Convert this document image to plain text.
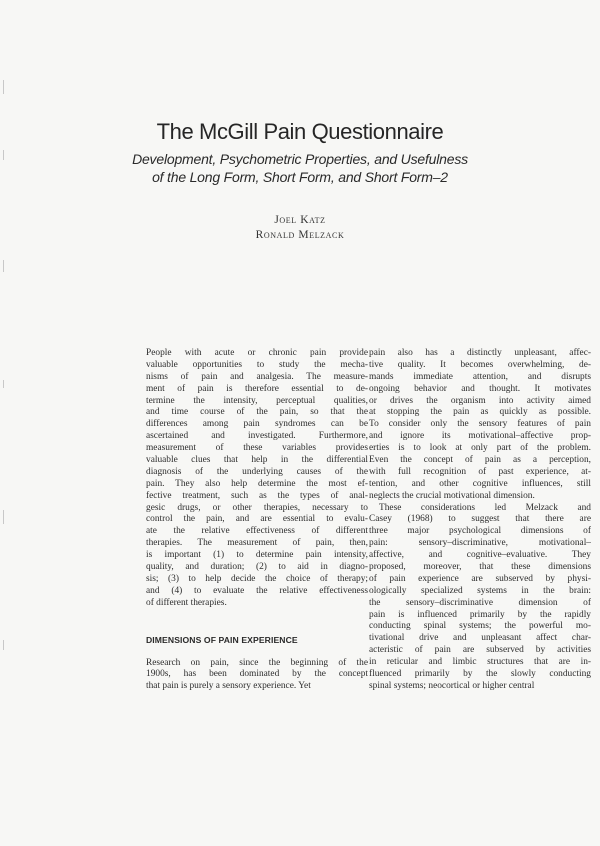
The McGill Pain Questionnaire
Development, Psychometric Properties, and Usefulness
of the Long Form, Short Form, and Short Form–2
Joel Katz
Ronald Melzack
People with acute or chronic pain provide
valuable opportunities to study the mecha-
nisms of pain and analgesia. The measure-
ment of pain is therefore essential to de-
termine the intensity, perceptual qualities,
and time course of the pain, so that the
differences among pain syndromes can be
ascertained and investigated. Furthermore,
measurement of these variables provides
valuable clues that help in the differential
diagnosis of the underlying causes of the
pain. They also help determine the most ef-
fective treatment, such as the types of anal-
gesic drugs, or other therapies, necessary to
control the pain, and are essential to evalu-
ate the relative effectiveness of different
therapies. The measurement of pain, then,
is important (1) to determine pain intensity,
quality, and duration; (2) to aid in diagno-
sis; (3) to help decide the choice of therapy;
and (4) to evaluate the relative effectiveness
of different therapies.
DIMENSIONS OF PAIN EXPERIENCE
Research on pain, since the beginning of the
1900s, has been dominated by the concept
that pain is purely a sensory experience. Yet
pain also has a distinctly unpleasant, affec-
tive quality. It becomes overwhelming, de-
mands immediate attention, and disrupts
ongoing behavior and thought. It motivates
or drives the organism into activity aimed
at stopping the pain as quickly as possible.
To consider only the sensory features of pain
and ignore its motivational–affective prop-
erties is to look at only part of the problem.
Even the concept of pain as a perception,
with full recognition of past experience, at-
tention, and other cognitive influences, still
neglects the crucial motivational dimension.
These considerations led Melzack and
Casey (1968) to suggest that there are
three major psychological dimensions of
pain: sensory–discriminative, motivational–
affective, and cognitive–evaluative. They
proposed, moreover, that these dimensions
of pain experience are subserved by physi-
ologically specialized systems in the brain:
the sensory–discriminative dimension of
pain is influenced primarily by the rapidly
conducting spinal systems; the powerful mo-
tivational drive and unpleasant affect char-
acteristic of pain are subserved by activities
in reticular and limbic structures that are in-
fluenced primarily by the slowly conducting
spinal systems; neocortical or higher central
